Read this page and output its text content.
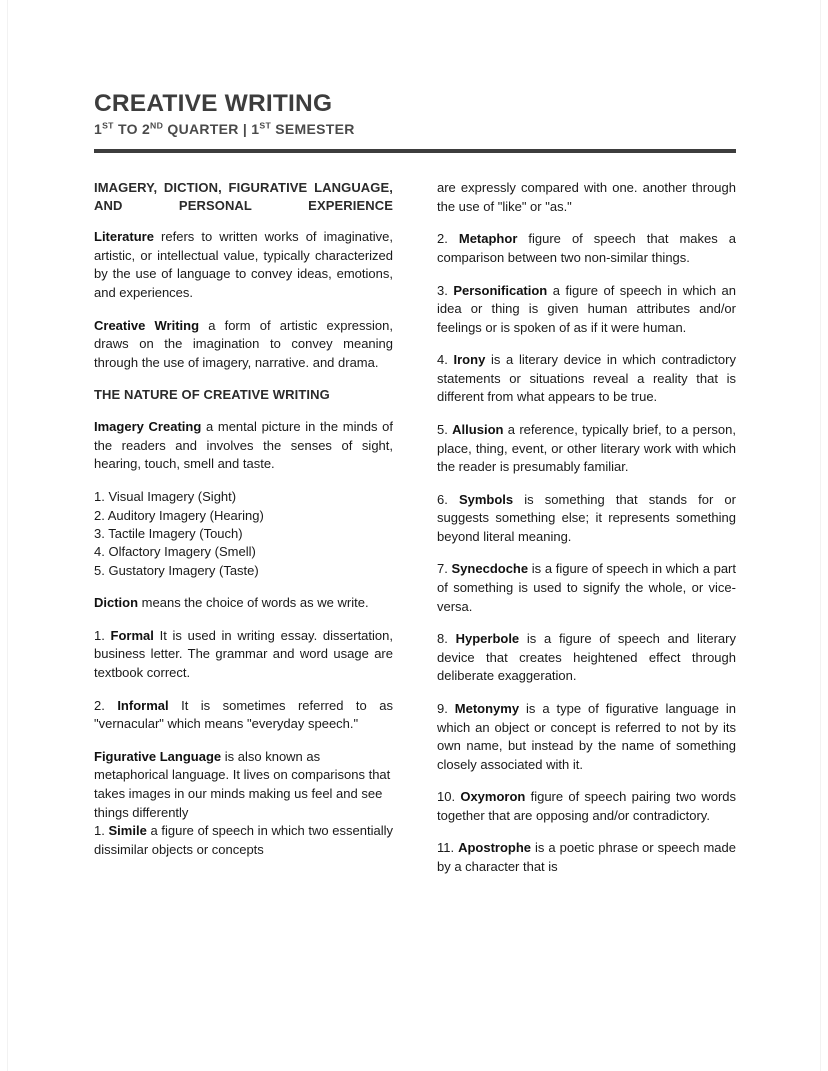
CREATIVE WRITING
1ST TO 2ND QUARTER | 1ST SEMESTER
IMAGERY, DICTION, FIGURATIVE LANGUAGE, AND PERSONAL EXPERIENCE

Literature refers to written works of imaginative, artistic, or intellectual value, typically characterized by the use of language to convey ideas, emotions, and experiences.

Creative Writing a form of artistic expression, draws on the imagination to convey meaning through the use of imagery, narrative. and drama.

THE NATURE OF CREATIVE WRITING

Imagery Creating a mental picture in the minds of the readers and involves the senses of sight, hearing, touch, smell and taste.

1. Visual Imagery (Sight)
2. Auditory Imagery (Hearing)
3. Tactile Imagery (Touch)
4. Olfactory Imagery (Smell)
5. Gustatory Imagery (Taste)

Diction means the choice of words as we write.

1. Formal It is used in writing essay. dissertation, business letter. The grammar and word usage are textbook correct.

2. Informal It is sometimes referred to as "vernacular" which means "everyday speech."

Figurative Language is also known as metaphorical language. It lives on comparisons that takes images in our minds making us feel and see things differently

1. Simile a figure of speech in which two essentially dissimilar objects or concepts

are expressly compared with one. another through the use of "like" or "as."

2. Metaphor figure of speech that makes a comparison between two non-similar things.

3. Personification a figure of speech in which an idea or thing is given human attributes and/or feelings or is spoken of as if it were human.

4. Irony is a literary device in which contradictory statements or situations reveal a reality that is different from what appears to be true.

5. Allusion a reference, typically brief, to a person, place, thing, event, or other literary work with which the reader is presumably familiar.

6. Symbols is something that stands for or suggests something else; it represents something beyond literal meaning.

7. Synecdoche is a figure of speech in which a part of something is used to signify the whole, or vice-versa.

8. Hyperbole is a figure of speech and literary device that creates heightened effect through deliberate exaggeration.

9. Metonymy is a type of figurative language in which an object or concept is referred to not by its own name, but instead by the name of something closely associated with it.

10. Oxymoron figure of speech pairing two words together that are opposing and/or contradictory.

11. Apostrophe is a poetic phrase or speech made by a character that is
